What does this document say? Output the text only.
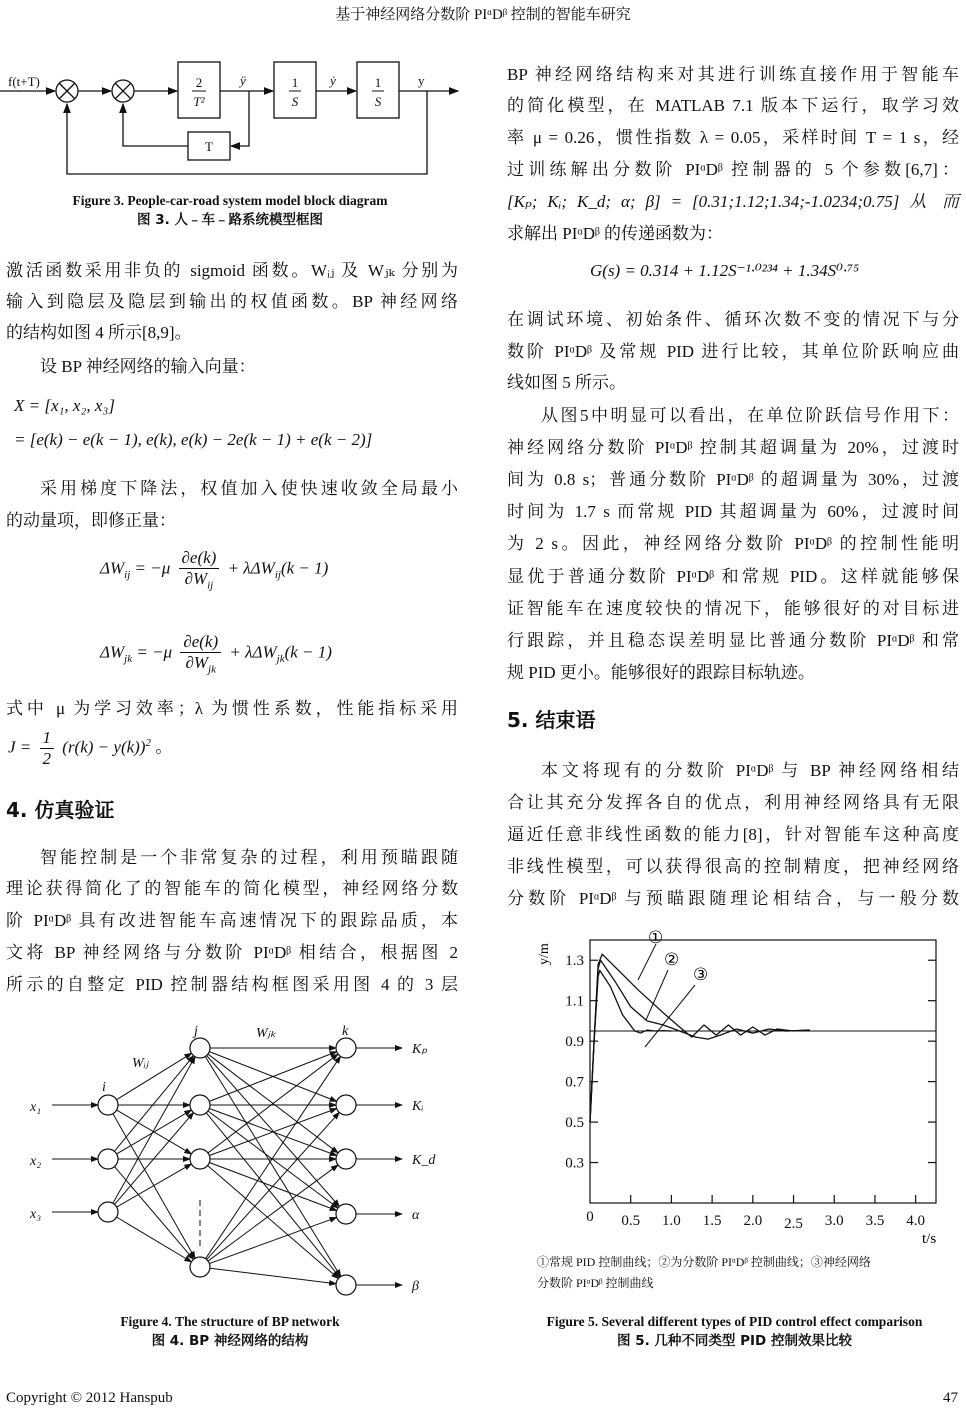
基于神经网络分数阶 PIᵅDᵝ 控制的智能车研究
f(t+T)	2
T²
1
S
1
S
T
ÿ	ẏ	y
Figure 3. People-car-road system model block diagram
图 3. 人﹣车﹣路系统模型框图
激活函数采用非负的 sigmoid 函数。Wᵢⱼ 及 Wⱼₖ 分别为
输入到隐层及隐层到输出的权值函数。BP 神经网络
的结构如图 4 所示[8,9]。
设 BP 神经网络的输入向量：
X = [x₁, x₂, x₃]
= [e(k) − e(k − 1), e(k), e(k) − 2e(k − 1) + e(k − 2)]
采用梯度下降法，权值加入使快速收敛全局最小
的动量项，即修正量：
$\Delta W_{ij} = -\mu \frac{\partial e(k)}{\partial W_{ij}} + \lambda\Delta W_{ij}(k - 1)$
$\Delta W_{jk} = -\mu \frac{\partial e(k)}{\partial W_{jk}} + \lambda\Delta W_{jk}(k - 1)$
式中 μ 为学习效率；λ 为惯性系数，性能指标采用
$J = \frac{1}{2} (r(k) - y(k))^2$ 。
4. 仿真验证
智能控制是一个非常复杂的过程，利用预瞄跟随
理论获得简化了的智能车的简化模型，神经网络分数
阶 PIᵅDᵝ 具有改进智能车高速情况下的跟踪品质，本
文将 BP 神经网络与分数阶 PIᵅDᵝ 相结合，根据图 2
所示的自整定 PID 控制器结构框图采用图 4 的 3 层
x₁
x₂
x₃
Kₚ
Kᵢ
K_d
α
β
i
j	k
Wᵢⱼ
Wⱼₖ
Figure 4. The structure of BP network
图 4. BP 神经网络的结构
BP 神经网络结构来对其进行训练直接作用于智能车
的简化模型，在 MATLAB 7.1 版本下运行，取学习效
率 μ = 0.26，惯性指数 λ = 0.05，采样时间 T = 1 s，经
过训练解出分数阶 PIᵅDᵝ 控制器的 5 个参数[6,7]：
[Kₚ; Kᵢ; K_d; α; β] = [0.31;1.12;1.34;-1.0234;0.75] 从 而
求解出 PIᵅDᵝ 的传递函数为：
G(s) = 0.314 + 1.12S⁻¹·⁰²³⁴ + 1.34S⁰·⁷⁵
在调试环境、初始条件、循环次数不变的情况下与分
数阶 PIᵅDᵝ 及常规 PID 进行比较，其单位阶跃响应曲
线如图 5 所示。
从图5中明显可以看出，在单位阶跃信号作用下：
神经网络分数阶 PIᵅDᵝ 控制其超调量为 20%，过渡时
间为 0.8 s；普通分数阶 PIᵅDᵝ 的超调量为 30%，过渡
时间为 1.7 s 而常规 PID 其超调量为 60%，过渡时间
为 2 s。因此，神经网络分数阶 PIᵅDᵝ 的控制性能明
显优于普通分数阶 PIᵅDᵝ 和常规 PID。这样就能够保
证智能车在速度较快的情况下，能够很好的对目标进
行跟踪，并且稳态误差明显比普通分数阶 PIᵅDᵝ 和常
规 PID 更小。能够很好的跟踪目标轨迹。
5. 结束语
本文将现有的分数阶 PIᵅDᵝ 与 BP 神经网络相结
合让其充分发挥各自的优点，利用神经网络具有无限
逼近任意非线性函数的能力[8]，针对智能车这种高度
非线性模型，可以获得很高的控制精度，把神经网络
分数阶 PIᵅDᵝ 与预瞄跟随理论相结合，与一般分数
1.3
1.1
0.9
0.7
0.5
0.3
0.5 1.0 1.5 2.0 2.5 3.0 3.5 4.0
0
y/m
t/s
①
②
③
①常规 PID 控制曲线；②为分数阶 PIᵅDᵝ 控制曲线；③神经网络
分数阶 PIᵅDᵝ 控制曲线
Figure 5. Several different types of PID control effect comparison
图 5. 几种不同类型 PID 控制效果比较
Copyright © 2012 Hanspub	47
